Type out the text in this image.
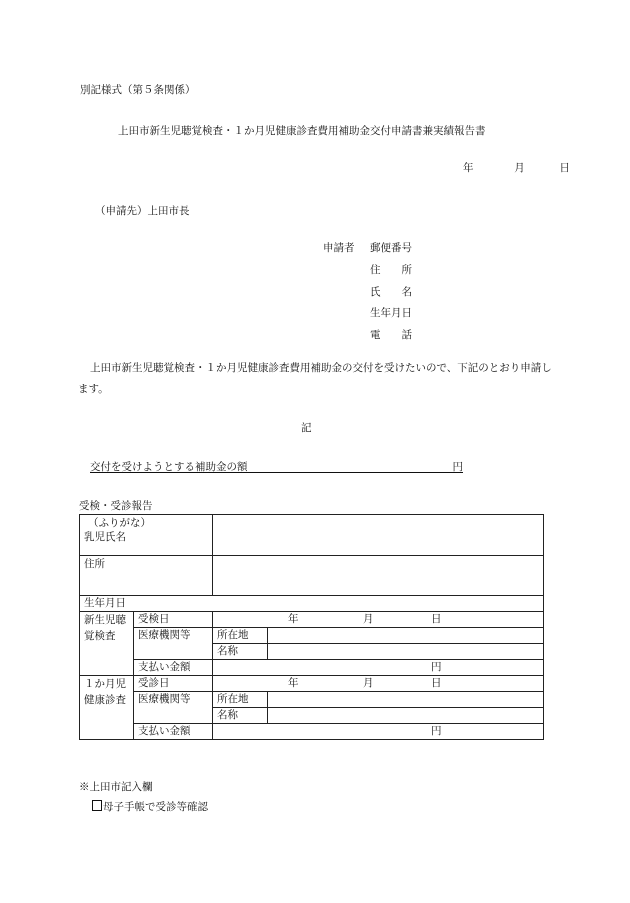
別記様式（第５条関係）
上田市新生児聴覚検査・１か月児健康診査費用補助金交付申請書兼実績報告書
年	月	日
（申請先）上田市長
申請者 郵便番号
住　　所
氏　　名
生年月日
電　　話
上田市新生児聴覚検査・１か月児健康診査費用補助金の交付を受けたいので、下記のとおり申請します。
記
交付を受けようとする補助金の額	円
受検・受診報告
（ふりがな）
乳児氏名			

住所			
生年月日			
新生児聴覚検査	受検日	年 月 日	

	医療機関等	所在地	
		名称	
	支払い金額	円	

１か月児健康診査	受診日	年 月 日	

	医療機関等	所在地	
		名称	
	支払い金額	円	
※上田市記入欄
母子手帳で受診等確認
